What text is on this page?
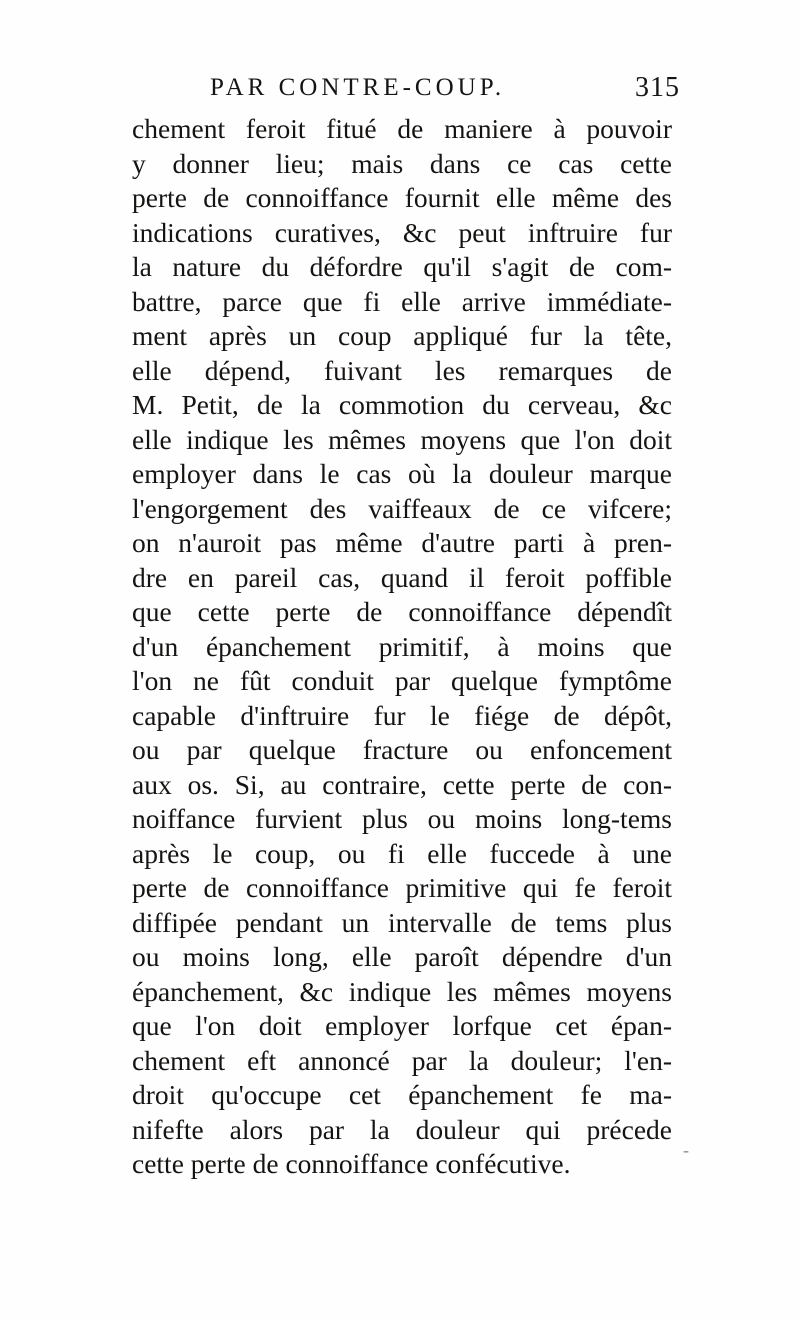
PAR CONTRE-COUP.	315
chement feroit fitué de maniere à pouvoir
y donner lieu; mais dans ce cas cette
perte de connoiffance fournit elle même des
indications curatives, &c peut inftruire fur
la nature du défordre qu'il s'agit de com-
battre, parce que fi elle arrive immédiate-
ment après un coup appliqué fur la tête,
elle dépend, fuivant les remarques de
M. Petit, de la commotion du cerveau, &c
elle indique les mêmes moyens que l'on doit
employer dans le cas où la douleur marque
l'engorgement des vaiffeaux de ce vifcere;
on n'auroit pas même d'autre parti à pren-
dre en pareil cas, quand il feroit poffible
que cette perte de connoiffance dépendît
d'un épanchement primitif, à moins que
l'on ne fût conduit par quelque fymptôme
capable d'inftruire fur le fiége de dépôt,
ou par quelque fracture ou enfoncement
aux os. Si, au contraire, cette perte de con-
noiffance furvient plus ou moins long-tems
après le coup, ou fi elle fuccede à une
perte de connoiffance primitive qui fe feroit
diffipée pendant un intervalle de tems plus
ou moins long, elle paroît dépendre d'un
épanchement, &c indique les mêmes moyens
que l'on doit employer lorfque cet épan-
chement eft annoncé par la douleur; l'en-
droit qu'occupe cet épanchement fe ma-
nifefte alors par la douleur qui précede
cette perte de connoiffance confécutive.	-
